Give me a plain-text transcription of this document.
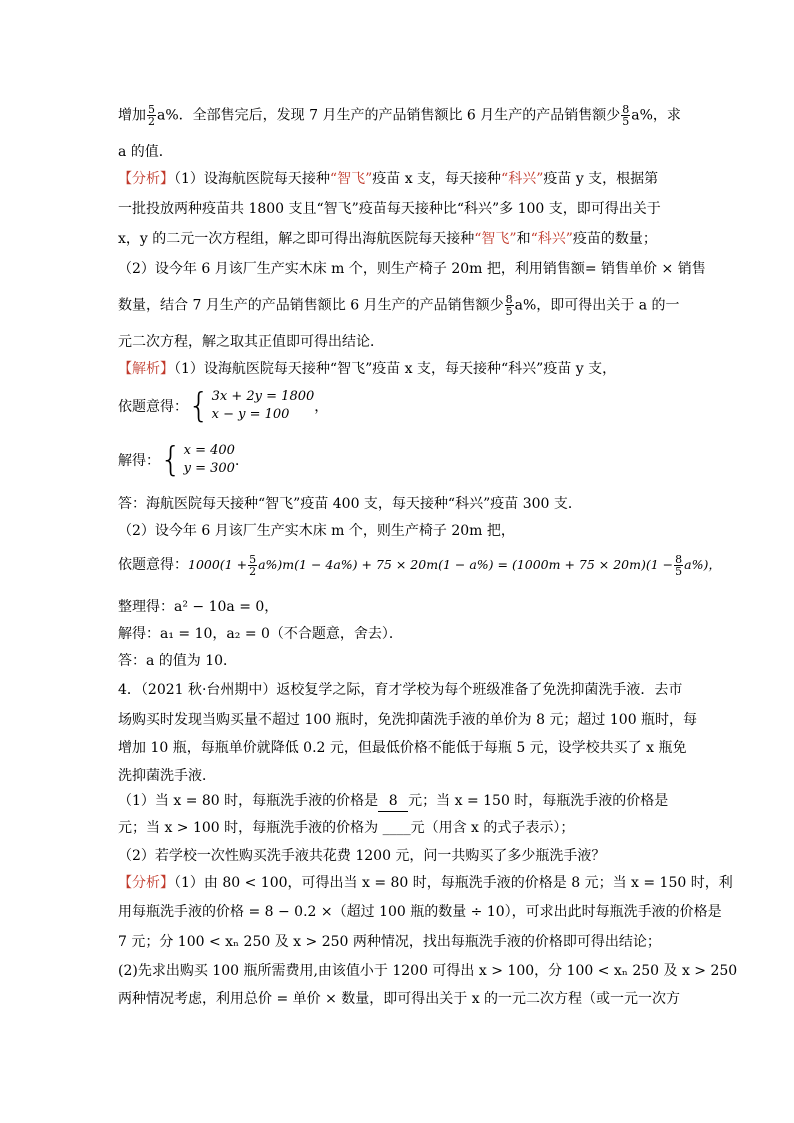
增加 $\frac{5}{2} a\%$．全部售完后，发现 7 月生产的产品销售额比 6 月生产的产品销售额少 $\frac{8}{5} a\%$，求
a 的值．
【分析】（1）设海航医院每天接种“智飞”疫苗 x 支，每天接种“科兴”疫苗 y 支，根据第
一批投放两种疫苗共 1800 支且“智飞”疫苗每天接种比“科兴”多 100 支，即可得出关于
x，y 的二元一次方程组，解之即可得出海航医院每天接种“智飞”和“科兴”疫苗的数量；
（2）设今年 6 月该厂生产实木床 m 个，则生产椅子 20m 把，利用销售额= 销售单价 × 销售
数量，结合 7 月生产的产品销售额比 6 月生产的产品销售额少 $\frac{8}{5} a\%$，即可得出关于 a 的一
元二次方程，解之取其正值即可得出结论．
【解析】（1）设海航医院每天接种“智飞”疫苗 x 支，每天接种“科兴”疫苗 y 支，
依题意得： { 3x + 2y = 1800
x − y = 100	，
解得： { x = 400
y = 300 ．
答：海航医院每天接种“智飞”疫苗 400 支，每天接种“科兴”疫苗 300 支．
（2）设今年 6 月该厂生产实木床 m 个，则生产椅子 20m 把，
依题意得：$1000(1 + \frac{5}{2} a\%)m(1 - 4a\%) + 75 \times 20m(1 - a\%) = (1000m + 75 \times 20m)(1 - \frac{8}{5} a\%)$，
整理得：a² − 10a = 0，
解得：a₁ = 10，a₂ = 0（不合题意，舍去）．
答：a 的值为 10．
4．（2021 秋·台州期中）返校复学之际，育才学校为每个班级准备了免洗抑菌洗手液．去市
场购买时发现当购买量不超过 100 瓶时，免洗抑菌洗手液的单价为 8 元；超过 100 瓶时，每
增加 10 瓶，每瓶单价就降低 0.2 元，但最低价格不能低于每瓶 5 元，设学校共买了 x 瓶免
洗抑菌洗手液．
（1）当 x = 80 时，每瓶洗手液的价格是 8 元；当 x = 150 时，每瓶洗手液的价格是
元；当 x > 100 时，每瓶洗手液的价格为 ____元（用含 x 的式子表示）；
（2）若学校一次性购买洗手液共花费 1200 元，问一共购买了多少瓶洗手液？
【分析】（1）由 80 < 100，可得出当 x = 80 时，每瓶洗手液的价格是 8 元；当 x = 150 时，利
用每瓶洗手液的价格 = 8 − 0.2 ×（超过 100 瓶的数量 ÷ 10），可求出此时每瓶洗手液的价格是
7 元；分 100 < xₙ 250 及 x > 250 两种情况，找出每瓶洗手液的价格即可得出结论；
(2)先求出购买 100 瓶所需费用,由该值小于 1200 可得出 x > 100，分 100 < xₙ 250 及 x > 250
两种情况考虑，利用总价 = 单价 × 数量，即可得出关于 x 的一元二次方程（或一元一次方
